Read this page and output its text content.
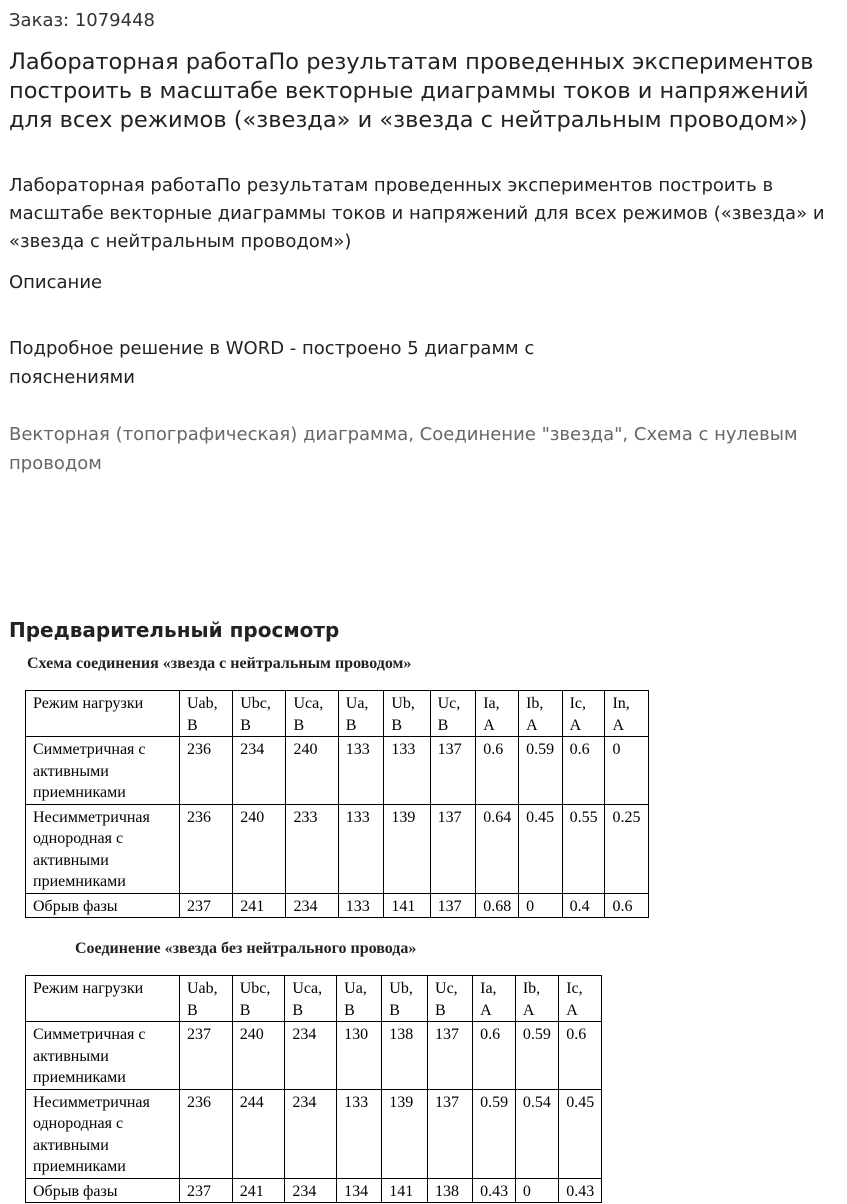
Заказ: 1079448
Лабораторная работаПо результатам проведенных экспериментов построить в масштабе векторные диаграммы токов и напряжений для всех режимов («звезда» и «звезда с нейтральным проводом»)
Лабораторная работаПо результатам проведенных экспериментов построить в масштабе векторные диаграммы токов и напряжений для всех режимов («звезда» и «звезда с нейтральным проводом»)
Описание
Подробное решение в WORD - построено 5 диаграмм с пояснениями
Векторная (топографическая) диаграмма, Соединение "звезда", Схема с нулевым проводом
Предварительный просмотр
Схема соединения «звезда с нейтральным проводом»
Режим нагрузки	Uab, В	Ubc, В	Uca, В	Ua, В	Ub, В	Uc, В	Ia, А	Ib, А	Ic, А	In, А
Симметричная с активными приемниками	236	234	240	133	133	137	0.6	0.59	0.6	0
Несимметричная однородная с активными приемниками	236	240	233	133	139	137	0.64	0.45	0.55	0.25
Обрыв фазы	237	241	234	133	141	137	0.68	0	0.4	0.6
Соединение «звезда без нейтрального провода»
Режим нагрузки	Uab, В	Ubc, В	Uca, В	Ua, В	Ub, В	Uc, В	Ia, А	Ib, А	Ic, А
Симметричная с активными приемниками	237	240	234	130	138	137	0.6	0.59	0.6
Несимметричная однородная с активными приемниками	236	244	234	133	139	137	0.59	0.54	0.45
Обрыв фазы	237	241	234	134	141	138	0.43	0	0.43
